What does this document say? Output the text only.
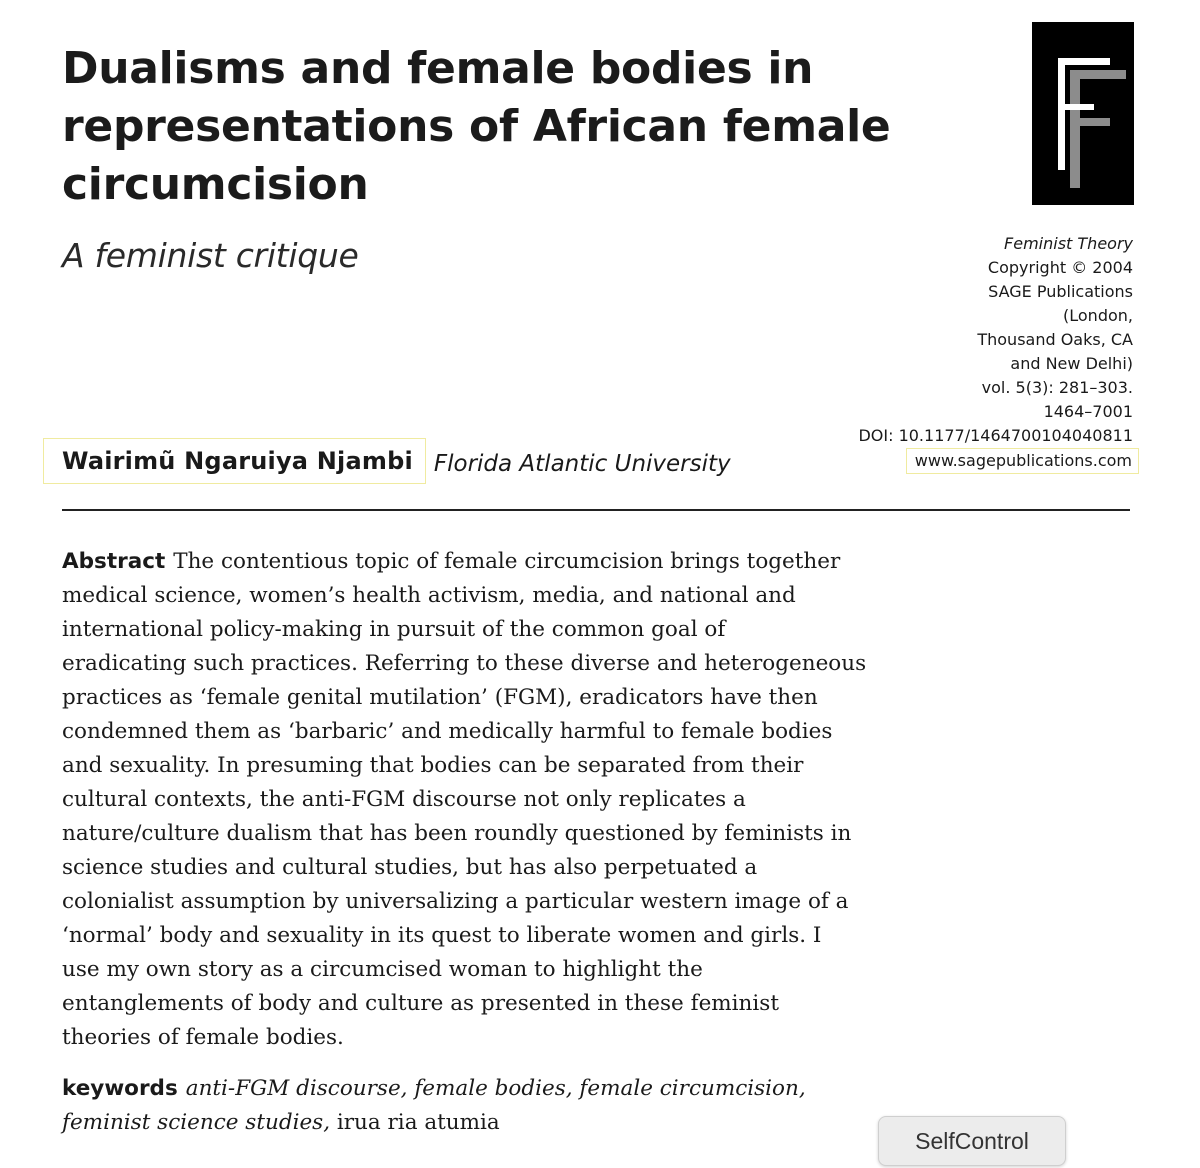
Dualisms and female bodies in
representations of African female
circumcision
A feminist critique	Feminist Theory
Copyright © 2004
SAGE Publications
(London,
Thousand Oaks, CA
and New Delhi)
vol. 5(3): 281–303.
1464–7001
DOI: 10.1177/1464700104040811
www.sagepublications.com
Wairimũ Ngaruiya Njambi Florida Atlantic University
Abstract The contentious topic of female circumcision brings together
medical science, women’s health activism, media, and national and
international policy-making in pursuit of the common goal of
eradicating such practices. Referring to these diverse and heterogeneous
practices as ‘female genital mutilation’ (FGM), eradicators have then
condemned them as ‘barbaric’ and medically harmful to female bodies
and sexuality. In presuming that bodies can be separated from their
cultural contexts, the anti-FGM discourse not only replicates a
nature/culture dualism that has been roundly questioned by feminists in
science studies and cultural studies, but has also perpetuated a
colonialist assumption by universalizing a particular western image of a
‘normal’ body and sexuality in its quest to liberate women and girls. I
use my own story as a circumcised woman to highlight the
entanglements of body and culture as presented in these feminist
theories of female bodies.
keywords anti-FGM discourse, female bodies, female circumcision,
feminist science studies, irua ria atumia
SelfControl
